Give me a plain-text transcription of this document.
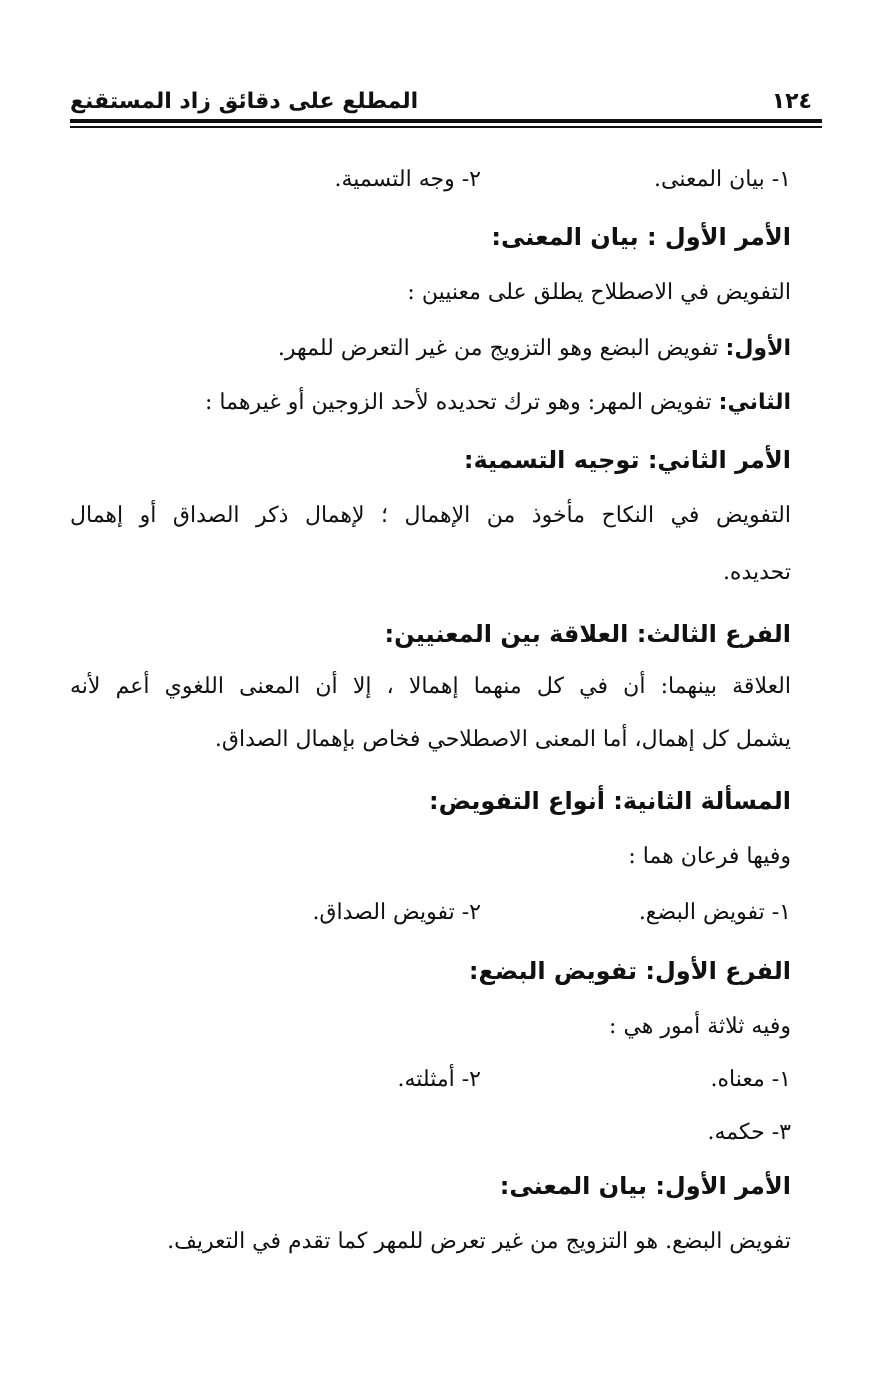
١٢٤
المطلع على دقائق زاد المستقنع
١- بيان المعنى.
٢- وجه التسمية.
الأمر الأول : بيان المعنى:
التفويض في الاصطلاح يطلق على معنيين :
الأول: تفويض البضع وهو التزويج من غير التعرض للمهر.
الثاني: تفويض المهر: وهو ترك تحديده لأحد الزوجين أو غيرهما :
الأمر الثاني: توجيه التسمية:
التفويض في النكاح مأخوذ من الإهمال ؛ لإهمال ذكر الصداق أو إهمال
تحديده.
الفرع الثالث: العلاقة بين المعنيين:
العلاقة بينهما: أن في كل منهما إهمالا ، إلا أن المعنى اللغوي أعم لأنه
يشمل كل إهمال، أما المعنى الاصطلاحي فخاص بإهمال الصداق.
المسألة الثانية: أنواع التفويض:
وفيها فرعان هما :
١- تفويض البضع.
٢- تفويض الصداق.
الفرع الأول: تفويض البضع:
وفيه ثلاثة أمور هي :
١- معناه.
٢- أمثلته.
٣- حكمه.
الأمر الأول: بيان المعنى:
تفويض البضع. هو التزويج من غير تعرض للمهر كما تقدم في التعريف.
